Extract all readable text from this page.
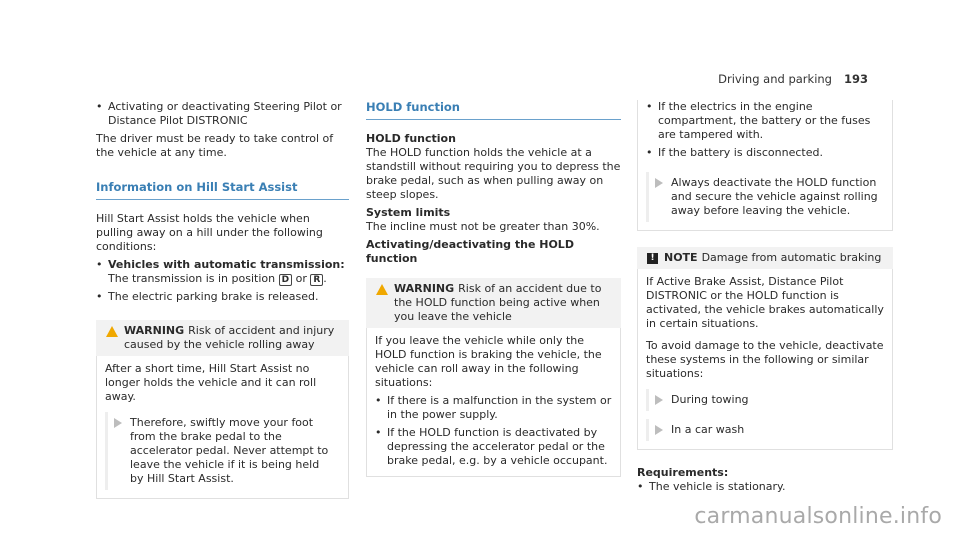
Driving and parking 193

• Activating or deactivating Steering Pilot or Distance Pilot DISTRONIC

The driver must be ready to take control of the vehicle at any time.

Information on Hill Start Assist

Hill Start Assist holds the vehicle when pulling away on a hill under the following conditions:

• Vehicles with automatic transmission:
The transmission is in position D or R .

• The electric parking brake is released.

WARNING Risk of accident and injury caused by the vehicle rolling away

After a short time, Hill Start Assist no longer holds the vehicle and it can roll away.

Therefore, swiftly move your foot from the brake pedal to the accelerator pedal. Never attempt to leave the vehicle if it is being held by Hill Start Assist.
HOLD function

HOLD function

The HOLD function holds the vehicle at a standstill without requiring you to depress the brake pedal, such as when pulling away on steep slopes.

System limits

The incline must not be greater than 30%.

Activating/deactivating the HOLD function

WARNING Risk of an accident due to the HOLD function being active when you leave the vehicle

If you leave the vehicle while only the HOLD function is braking the vehicle, the vehicle can roll away in the following situations:

• If there is a malfunction in the system or in the power supply.

• If the HOLD function is deactivated by depressing the accelerator pedal or the brake pedal, e.g. by a vehicle occupant.

• If the electrics in the engine compartment, the battery or the fuses are tampered with.

• If the battery is disconnected.

Always deactivate the HOLD function and secure the vehicle against rolling away before leaving the vehicle.
! NOTE Damage from automatic braking

If Active Brake Assist, Distance Pilot DISTRONIC or the HOLD function is activated, the vehicle brakes automatically in certain situations.

To avoid damage to the vehicle, deactivate these systems in the following or similar situations:

During towing
In a car wash

Requirements:

• The vehicle is stationary.

carmanualsonline.info
